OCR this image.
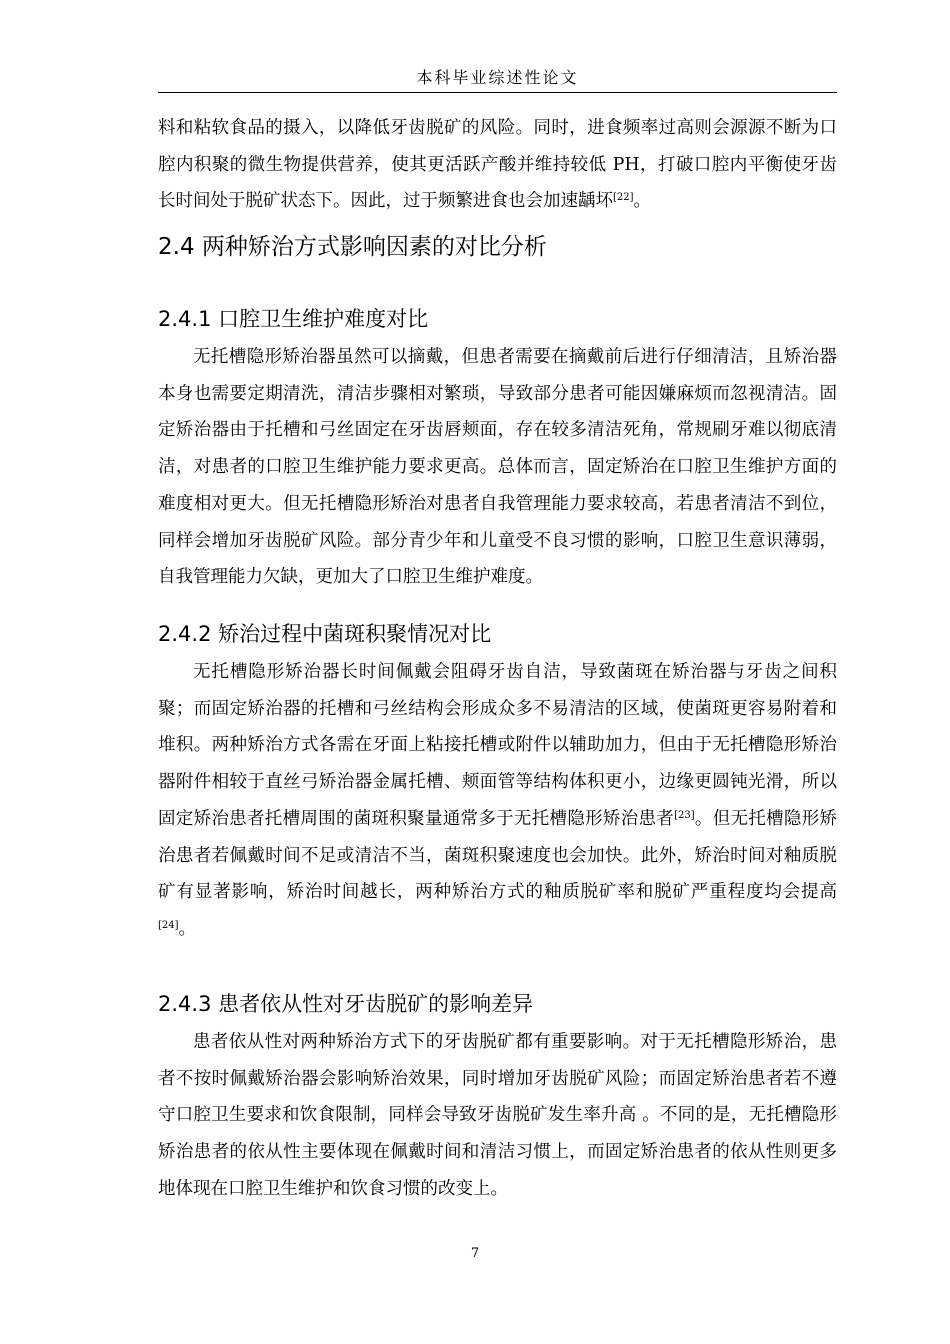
本科毕业综述性论文

料和粘软食品的摄入，以降低牙齿脱矿的风险。同时，进食频率过高则会源源不断为口腔内积聚的微生物提供营养，使其更活跃产酸并维持较低 PH，打破口腔内平衡使牙齿长时间处于脱矿状态下。因此，过于频繁进食也会加速龋坏[22]。

2.4 两种矫治方式影响因素的对比分析
2.4.1 口腔卫生维护难度对比

无托槽隐形矫治器虽然可以摘戴，但患者需要在摘戴前后进行仔细清洁，且矫治器本身也需要定期清洗，清洁步骤相对繁琐，导致部分患者可能因嫌麻烦而忽视清洁。固定矫治器由于托槽和弓丝固定在牙齿唇颊面，存在较多清洁死角，常规刷牙难以彻底清洁，对患者的口腔卫生维护能力要求更高。总体而言，固定矫治在口腔卫生维护方面的难度相对更大。但无托槽隐形矫治对患者自我管理能力要求较高，若患者清洁不到位，同样会增加牙齿脱矿风险。部分青少年和儿童受不良习惯的影响，口腔卫生意识薄弱，自我管理能力欠缺，更加大了口腔卫生维护难度。

2.4.2 矫治过程中菌斑积聚情况对比

无托槽隐形矫治器长时间佩戴会阻碍牙齿自洁，导致菌斑在矫治器与牙齿之间积聚；而固定矫治器的托槽和弓丝结构会形成众多不易清洁的区域，使菌斑更容易附着和堆积。两种矫治方式各需在牙面上粘接托槽或附件以辅助加力，但由于无托槽隐形矫治器附件相较于直丝弓矫治器金属托槽、颊面管等结构体积更小，边缘更圆钝光滑，所以固定矫治患者托槽周围的菌斑积聚量通常多于无托槽隐形矫治患者[23]。但无托槽隐形矫治患者若佩戴时间不足或清洁不当，菌斑积聚速度也会加快。此外，矫治时间对釉质脱矿有显著影响，矫治时间越长，两种矫治方式的釉质脱矿率和脱矿严重程度均会提高[24]。

2.4.3 患者依从性对牙齿脱矿的影响差异

患者依从性对两种矫治方式下的牙齿脱矿都有重要影响。对于无托槽隐形矫治，患者不按时佩戴矫治器会影响矫治效果，同时增加牙齿脱矿风险；而固定矫治患者若不遵守口腔卫生要求和饮食限制，同样会导致牙齿脱矿发生率升高 。不同的是，无托槽隐形矫治患者的依从性主要体现在佩戴时间和清洁习惯上，而固定矫治患者的依从性则更多地体现在口腔卫生维护和饮食习惯的改变上。

7
